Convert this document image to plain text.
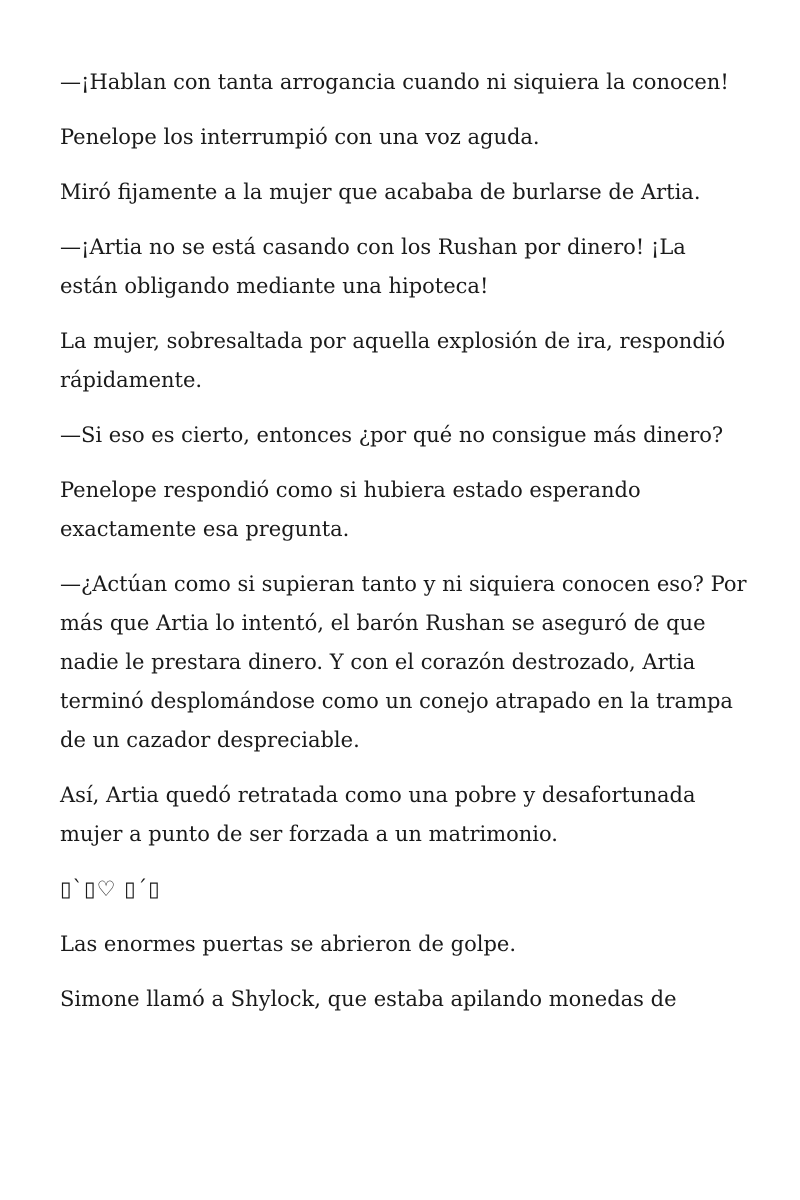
—¡Hablan con tanta arrogancia cuando ni siquiera la conocen!

Penelope los interrumpió con una voz aguda.

Miró fijamente a la mujer que acababa de burlarse de Artia.

—¡Artia no se está casando con los Rushan por dinero! ¡La están obligando mediante una hipoteca!

La mujer, sobresaltada por aquella explosión de ira, respondió rápidamente.

—Si eso es cierto, entonces ¿por qué no consigue más dinero?

Penelope respondió como si hubiera estado esperando exactamente esa pregunta.

—¿Actúan como si supieran tanto y ni siquiera conocen eso? Por más que Artia lo intentó, el barón Rushan se aseguró de que nadie le prestara dinero. Y con el corazón destrozado, Artia terminó desplomándose como un conejo atrapado en la trampa de un cazador despreciable.

Así, Artia quedó retratada como una pobre y desafortunada mujer a punto de ser forzada a un matrimonio.

▯`▯♡ ▯´▯

Las enormes puertas se abrieron de golpe.

Simone llamó a Shylock, que estaba apilando monedas de
